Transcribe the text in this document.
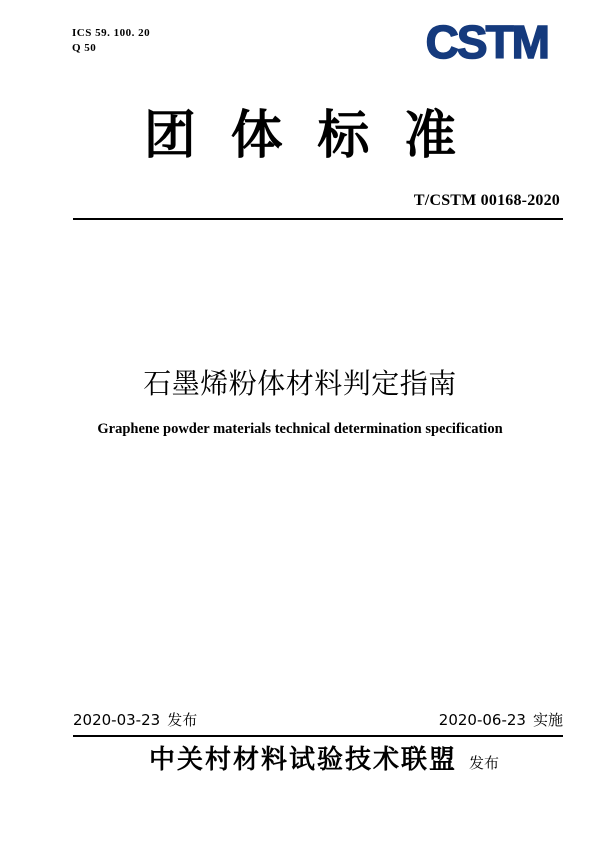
ICS 59. 100. 20
Q 50	CSTM
团 体 标 准
T/CSTM 00168-2020
石墨烯粉体材料判定指南
Graphene powder materials technical determination specification
2020-03-23 发布	2020-06-23 实施
中关村材料试验技术联盟 发布
